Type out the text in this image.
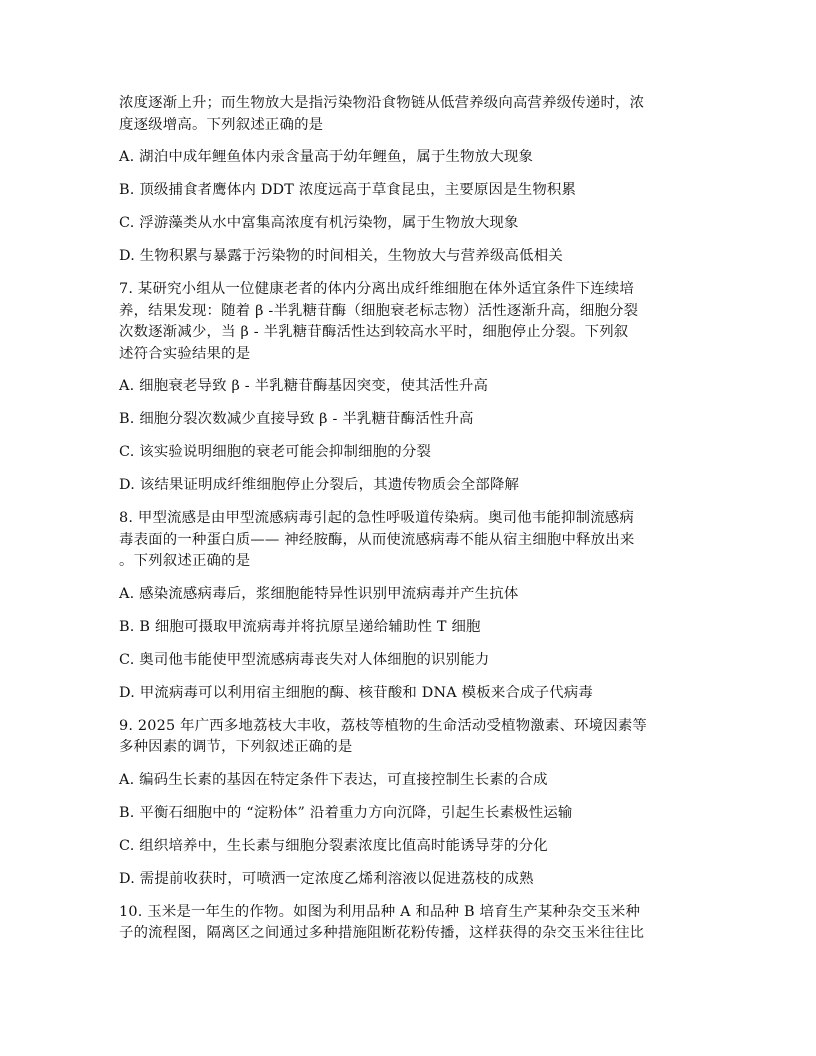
浓度逐渐上升；而生物放大是指污染物沿食物链从低营养级向高营养级传递时，浓
度逐级增高。下列叙述正确的是

A. 湖泊中成年鲤鱼体内汞含量高于幼年鲤鱼，属于生物放大现象
B. 顶级捕食者鹰体内 DDT 浓度远高于草食昆虫，主要原因是生物积累
C. 浮游藻类从水中富集高浓度有机污染物，属于生物放大现象
D. 生物积累与暴露于污染物的时间相关，生物放大与营养级高低相关

7. 某研究小组从一位健康老者的体内分离出成纤维细胞在体外适宜条件下连续培
养，结果发现：随着 β -半乳糖苷酶（细胞衰老标志物）活性逐渐升高，细胞分裂
次数逐渐减少，当 β - 半乳糖苷酶活性达到较高水平时，细胞停止分裂。下列叙
述符合实验结果的是

A. 细胞衰老导致 β - 半乳糖苷酶基因突变，使其活性升高
B. 细胞分裂次数减少直接导致 β - 半乳糖苷酶活性升高
C. 该实验说明细胞的衰老可能会抑制细胞的分裂
D. 该结果证明成纤维细胞停止分裂后，其遗传物质会全部降解

8. 甲型流感是由甲型流感病毒引起的急性呼吸道传染病。奥司他韦能抑制流感病
毒表面的一种蛋白质—— 神经胺酶，从而使流感病毒不能从宿主细胞中释放出来
。下列叙述正确的是

A. 感染流感病毒后，浆细胞能特异性识别甲流病毒并产生抗体
B. B 细胞可摄取甲流病毒并将抗原呈递给辅助性 T 细胞
C. 奥司他韦能使甲型流感病毒丧失对人体细胞的识别能力
D. 甲流病毒可以利用宿主细胞的酶、核苷酸和 DNA 模板来合成子代病毒

9. 2025 年广西多地荔枝大丰收，荔枝等植物的生命活动受植物激素、环境因素等
多种因素的调节，下列叙述正确的是

A. 编码生长素的基因在特定条件下表达，可直接控制生长素的合成
B. 平衡石细胞中的 “淀粉体” 沿着重力方向沉降，引起生长素极性运输
C. 组织培养中，生长素与细胞分裂素浓度比值高时能诱导芽的分化
D. 需提前收获时，可喷洒一定浓度乙烯利溶液以促进荔枝的成熟

10. 玉米是一年生的作物。如图为利用品种 A 和品种 B 培育生产某种杂交玉米种
子的流程图，隔离区之间通过多种措施阻断花粉传播，这样获得的杂交玉米往往比
